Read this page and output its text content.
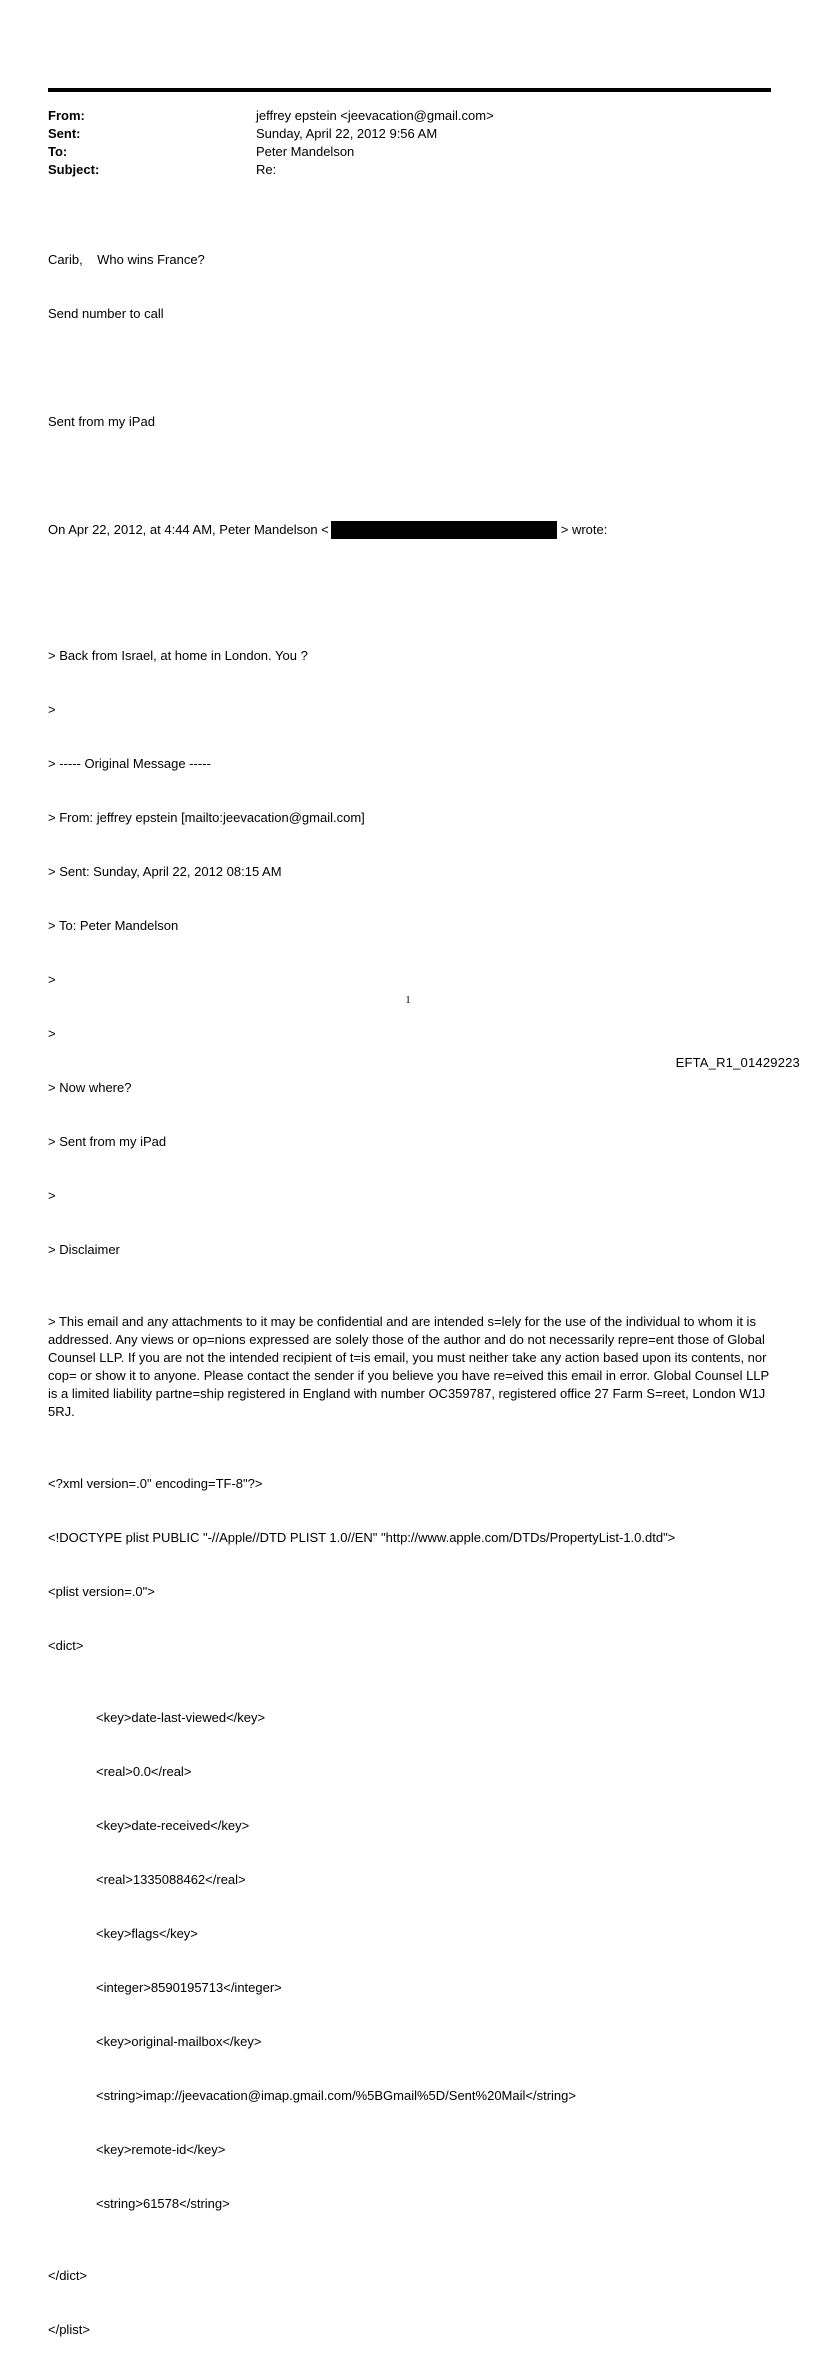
From:	jeffrey epstein <jeevacation@gmail.com>
Sent:	Sunday, April 22, 2012 9:56 AM
To:	Peter Mandelson
Subject:	Re:

Carib,    Who wins France?

Send number to call

Sent from my iPad

On Apr 22, 2012, at 4:44 AM, Peter Mandelson <	> wrote:

> Back from Israel, at home in London. You ?

>

> ----- Original Message -----

> From: jeffrey epstein [mailto:jeevacation@gmail.com]

> Sent: Sunday, April 22, 2012 08:15 AM

> To: Peter Mandelson

>

>

> Now where?

> Sent from my iPad

>

> Disclaimer

> This email and any attachments to it may be confidential and are intended s=lely for the use of the individual to whom it is addressed. Any views or op=nions expressed are solely those of the author and do not necessarily repre=ent those of Global Counsel LLP. If you are not the intended recipient of t=is email, you must neither take any action based upon its contents, nor cop= or show it to anyone. Please contact the sender if you believe you have re=eived this email in error. Global Counsel LLP is a limited liability partne=ship registered in England with number OC359787, registered office 27 Farm S=reet, London W1J 5RJ.

<?xml version=.0" encoding=TF-8"?>

<!DOCTYPE plist PUBLIC "-//Apple//DTD PLIST 1.0//EN" "http://www.apple.com/DTDs/PropertyList-1.0.dtd">

<plist version=.0">

<dict>

<key>date-last-viewed</key>

<real>0.0</real>

<key>date-received</key>

<real>1335088462</real>

<key>flags</key>

<integer>8590195713</integer>

<key>original-mailbox</key>

<string>imap://jeevacation@imap.gmail.com/%5BGmail%5D/Sent%20Mail</string>

<key>remote-id</key>

<string>61578</string>

</dict>

</plist>

1
EFTA_R1_01429223
